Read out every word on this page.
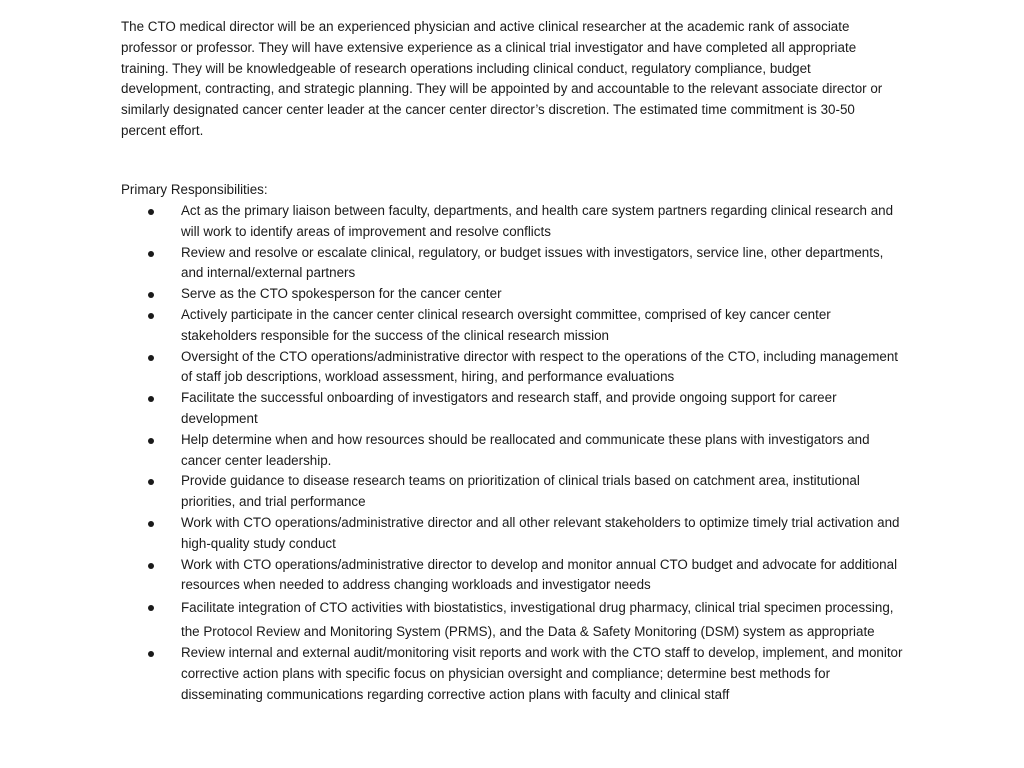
The CTO medical director will be an experienced physician and active clinical researcher at the academic rank of associate professor or professor. They will have extensive experience as a clinical trial investigator and have completed all appropriate training. They will be knowledgeable of research operations including clinical conduct, regulatory compliance, budget development, contracting, and strategic planning. They will be appointed by and accountable to the relevant associate director or similarly designated cancer center leader at the cancer center director’s discretion. The estimated time commitment is 30-50 percent effort.

Primary Responsibilities:

Act as the primary liaison between faculty, departments, and health care system partners regarding clinical research and will work to identify areas of improvement and resolve conflicts
Review and resolve or escalate clinical, regulatory, or budget issues with investigators, service line, other departments, and internal/external partners
Serve as the CTO spokesperson for the cancer center
Actively participate in the cancer center clinical research oversight committee, comprised of key cancer center stakeholders responsible for the success of the clinical research mission
Oversight of the CTO operations/administrative director with respect to the operations of the CTO, including management of staff job descriptions, workload assessment, hiring, and performance evaluations
Facilitate the successful onboarding of investigators and research staff, and provide ongoing support for career development
Help determine when and how resources should be reallocated and communicate these plans with investigators and cancer center leadership.
Provide guidance to disease research teams on prioritization of clinical trials based on catchment area, institutional priorities, and trial performance
Work with CTO operations/administrative director and all other relevant stakeholders to optimize timely trial activation and high-quality study conduct
Work with CTO operations/administrative director to develop and monitor annual CTO budget and advocate for additional resources when needed to address changing workloads and investigator needs
Facilitate integration of CTO activities with biostatistics, investigational drug pharmacy, clinical trial specimen processing, the Protocol Review and Monitoring System (PRMS), and the Data & Safety Monitoring (DSM) system as appropriate
Review internal and external audit/monitoring visit reports and work with the CTO staff to develop, implement, and monitor corrective action plans with specific focus on physician oversight and compliance; determine best methods for disseminating communications regarding corrective action plans with faculty and clinical staff
